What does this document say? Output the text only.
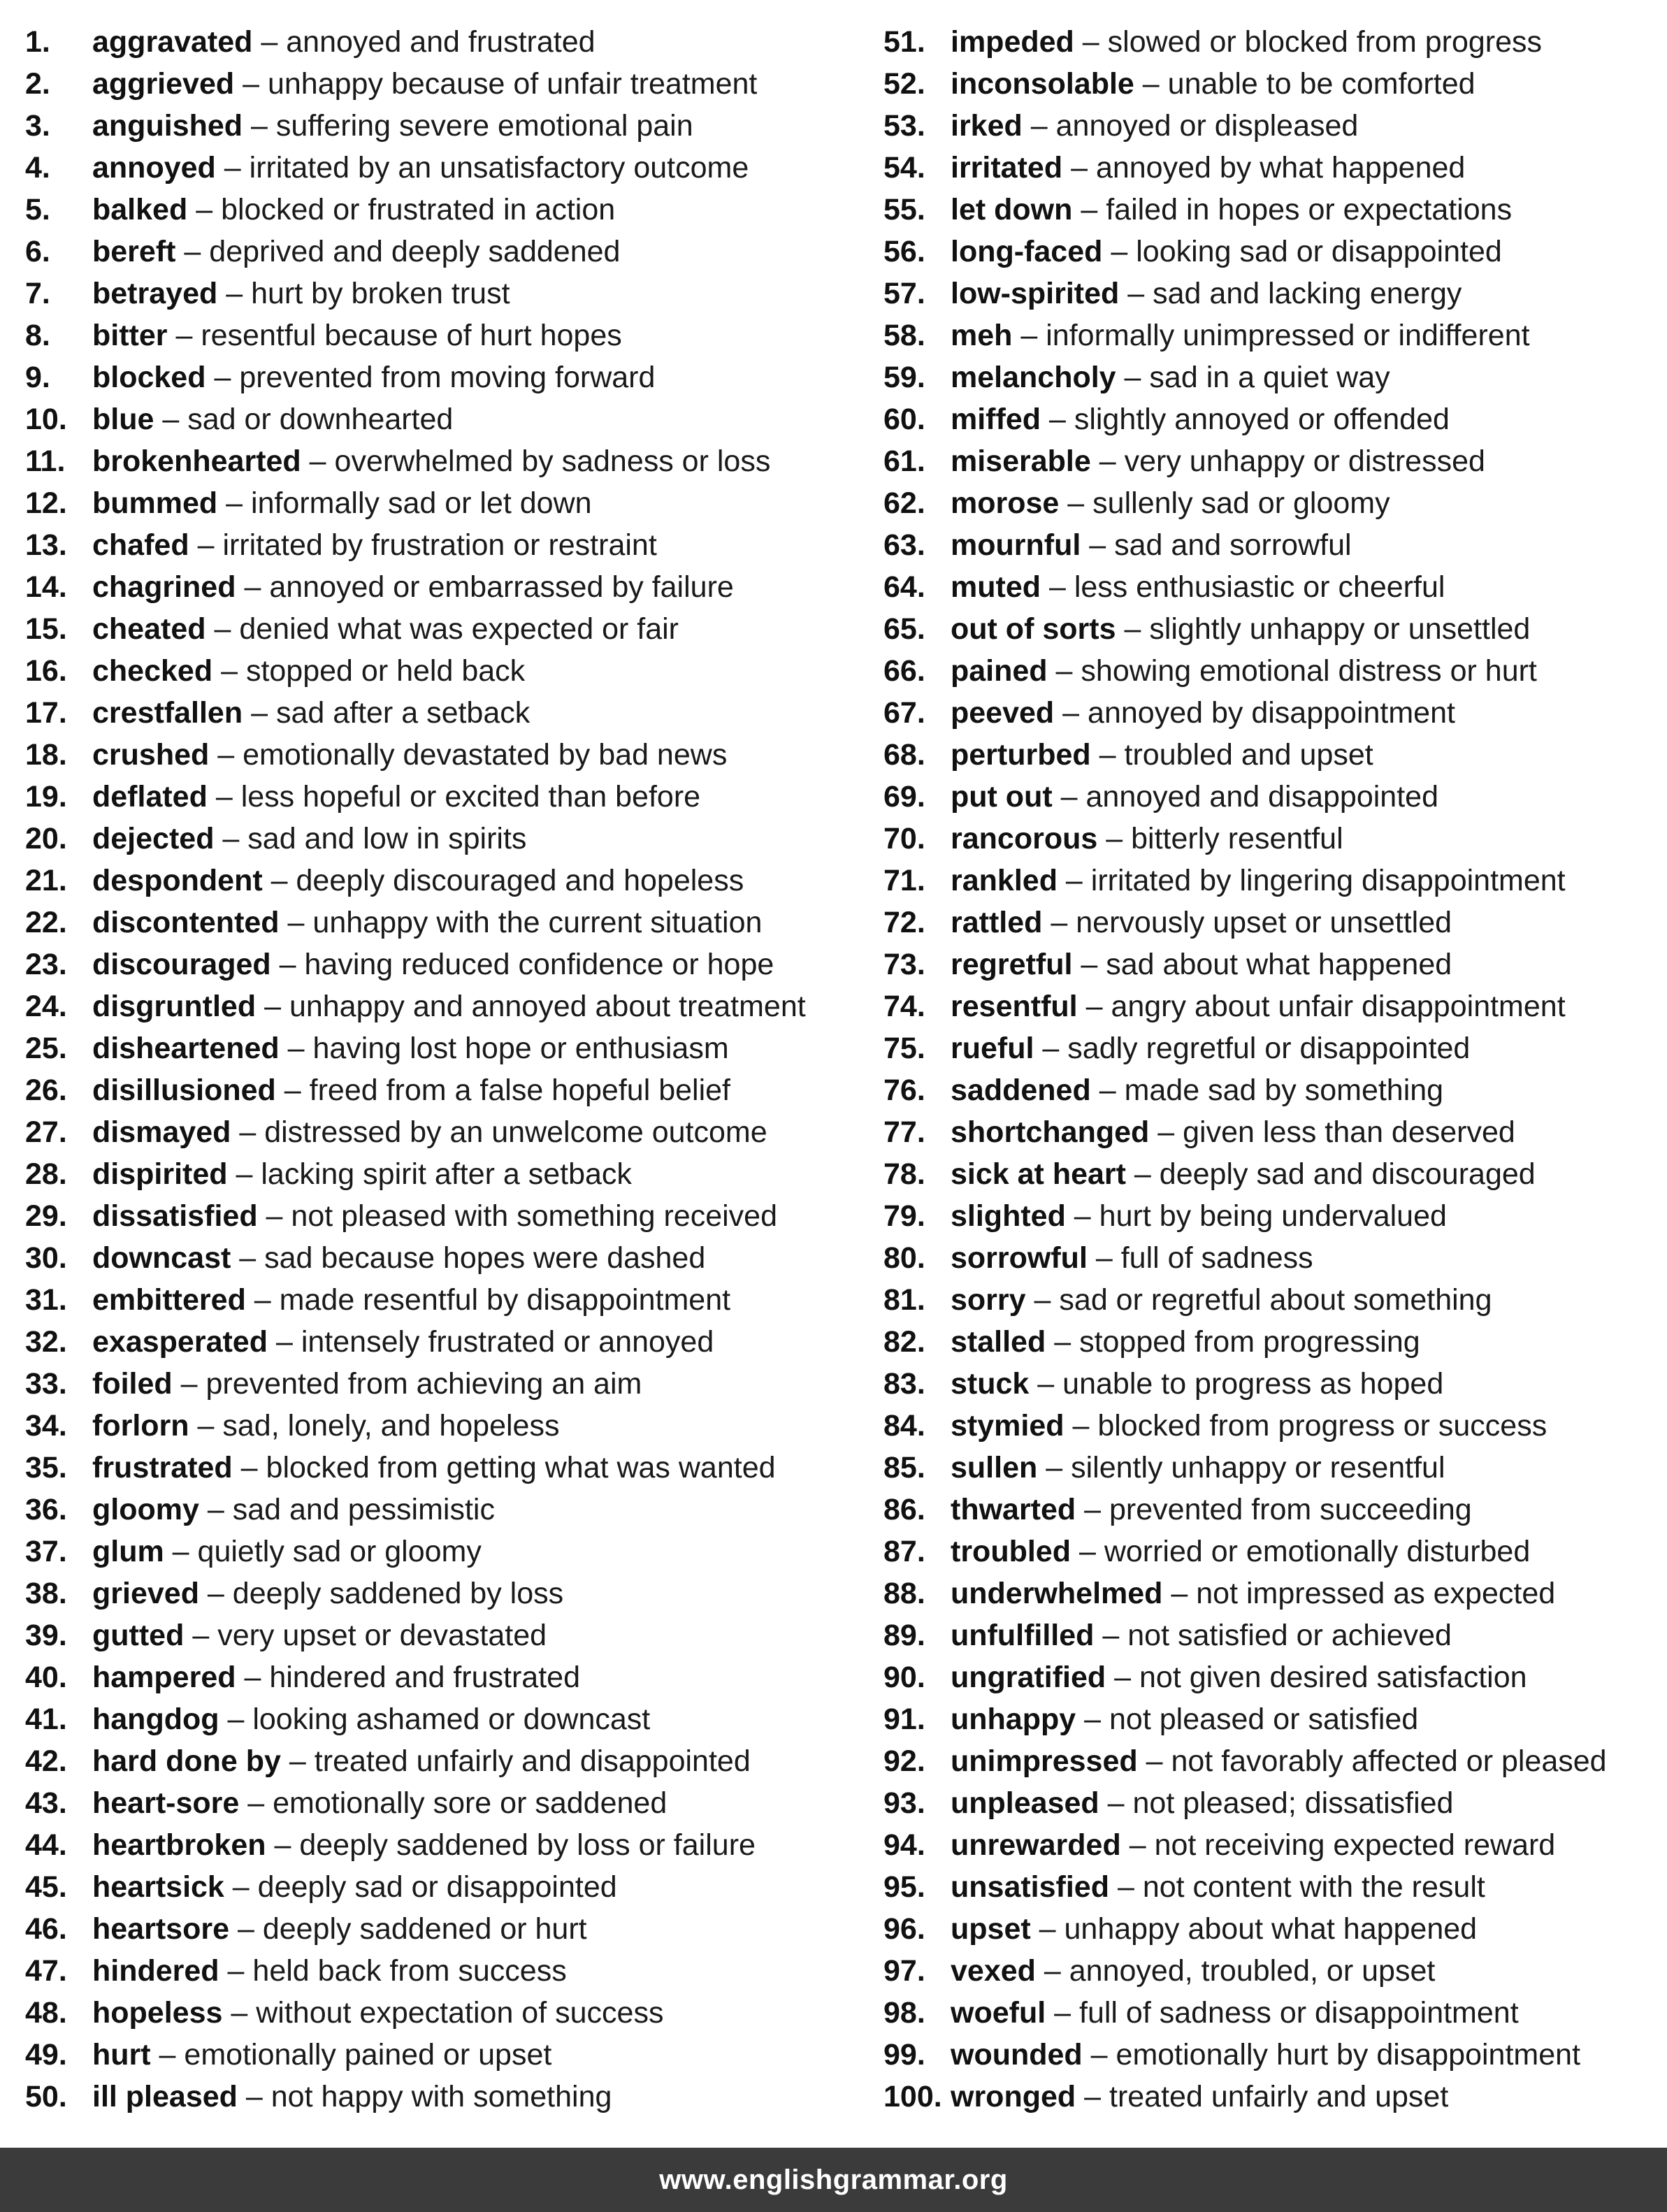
1. aggravated – annoyed and frustrated
2. aggrieved – unhappy because of unfair treatment
3. anguished – suffering severe emotional pain
4. annoyed – irritated by an unsatisfactory outcome
5. balked – blocked or frustrated in action
6. bereft – deprived and deeply saddened
7. betrayed – hurt by broken trust
8. bitter – resentful because of hurt hopes
9. blocked – prevented from moving forward
10. blue – sad or downhearted
11. brokenhearted – overwhelmed by sadness or loss
12. bummed – informally sad or let down
13. chafed – irritated by frustration or restraint
14. chagrined – annoyed or embarrassed by failure
15. cheated – denied what was expected or fair
16. checked – stopped or held back
17. crestfallen – sad after a setback
18. crushed – emotionally devastated by bad news
19. deflated – less hopeful or excited than before
20. dejected – sad and low in spirits
21. despondent – deeply discouraged and hopeless
22. discontented – unhappy with the current situation
23. discouraged – having reduced confidence or hope
24. disgruntled – unhappy and annoyed about treatment
25. disheartened – having lost hope or enthusiasm
26. disillusioned – freed from a false hopeful belief
27. dismayed – distressed by an unwelcome outcome
28. dispirited – lacking spirit after a setback
29. dissatisfied – not pleased with something received
30. downcast – sad because hopes were dashed
31. embittered – made resentful by disappointment
32. exasperated – intensely frustrated or annoyed
33. foiled – prevented from achieving an aim
34. forlorn – sad, lonely, and hopeless
35. frustrated – blocked from getting what was wanted
36. gloomy – sad and pessimistic
37. glum – quietly sad or gloomy
38. grieved – deeply saddened by loss
39. gutted – very upset or devastated
40. hampered – hindered and frustrated
41. hangdog – looking ashamed or downcast
42. hard done by – treated unfairly and disappointed
43. heart-sore – emotionally sore or saddened
44. heartbroken – deeply saddened by loss or failure
45. heartsick – deeply sad or disappointed
46. heartsore – deeply saddened or hurt
47. hindered – held back from success
48. hopeless – without expectation of success
49. hurt – emotionally pained or upset
50. ill pleased – not happy with something
51. impeded – slowed or blocked from progress
52. inconsolable – unable to be comforted
53. irked – annoyed or displeased
54. irritated – annoyed by what happened
55. let down – failed in hopes or expectations
56. long-faced – looking sad or disappointed
57. low-spirited – sad and lacking energy
58. meh – informally unimpressed or indifferent
59. melancholy – sad in a quiet way
60. miffed – slightly annoyed or offended
61. miserable – very unhappy or distressed
62. morose – sullenly sad or gloomy
63. mournful – sad and sorrowful
64. muted – less enthusiastic or cheerful
65. out of sorts – slightly unhappy or unsettled
66. pained – showing emotional distress or hurt
67. peeved – annoyed by disappointment
68. perturbed – troubled and upset
69. put out – annoyed and disappointed
70. rancorous – bitterly resentful
71. rankled – irritated by lingering disappointment
72. rattled – nervously upset or unsettled
73. regretful – sad about what happened
74. resentful – angry about unfair disappointment
75. rueful – sadly regretful or disappointed
76. saddened – made sad by something
77. shortchanged – given less than deserved
78. sick at heart – deeply sad and discouraged
79. slighted – hurt by being undervalued
80. sorrowful – full of sadness
81. sorry – sad or regretful about something
82. stalled – stopped from progressing
83. stuck – unable to progress as hoped
84. stymied – blocked from progress or success
85. sullen – silently unhappy or resentful
86. thwarted – prevented from succeeding
87. troubled – worried or emotionally disturbed
88. underwhelmed – not impressed as expected
89. unfulfilled – not satisfied or achieved
90. ungratified – not given desired satisfaction
91. unhappy – not pleased or satisfied
92. unimpressed – not favorably affected or pleased
93. unpleased – not pleased; dissatisfied
94. unrewarded – not receiving expected reward
95. unsatisfied – not content with the result
96. upset – unhappy about what happened
97. vexed – annoyed, troubled, or upset
98. woeful – full of sadness or disappointment
99. wounded – emotionally hurt by disappointment
100. wronged – treated unfairly and upset
www.englishgrammar.org
